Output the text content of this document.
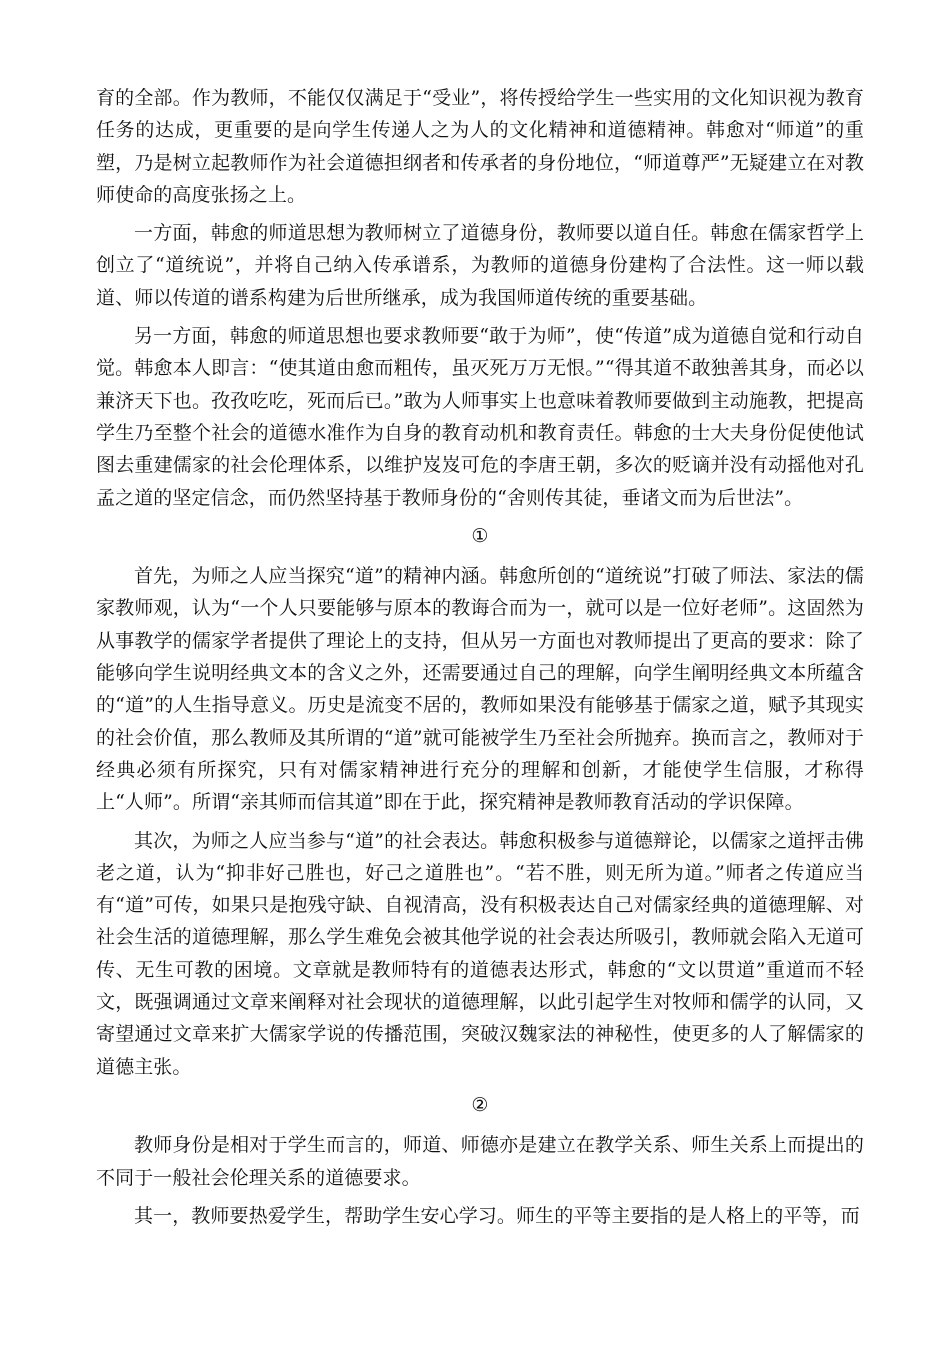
育的全部。作为教师，不能仅仅满足于“受业”，将传授给学生一些实用的文化知识视为教育任务的达成，更重要的是向学生传递人之为人的文化精神和道德精神。韩愈对“师道”的重塑，乃是树立起教师作为社会道德担纲者和传承者的身份地位，“师道尊严”无疑建立在对教师使命的高度张扬之上。

一方面，韩愈的师道思想为教师树立了道德身份，教师要以道自任。韩愈在儒家哲学上创立了“道统说”，并将自己纳入传承谱系，为教师的道德身份建构了合法性。这一师以载道、师以传道的谱系构建为后世所继承，成为我国师道传统的重要基础。

另一方面，韩愈的师道思想也要求教师要“敢于为师”，使“传道”成为道德自觉和行动自觉。韩愈本人即言：“使其道由愈而粗传，虽灭死万万无恨。”“得其道不敢独善其身，而必以兼济天下也。孜孜吃吃，死而后已。”敢为人师事实上也意味着教师要做到主动施教，把提高学生乃至整个社会的道德水准作为自身的教育动机和教育责任。韩愈的士大夫身份促使他试图去重建儒家的社会伦理体系，以维护岌岌可危的李唐王朝，多次的贬谪并没有动摇他对孔孟之道的坚定信念，而仍然坚持基于教师身份的“舍则传其徒，垂诸文而为后世法”。

①

首先，为师之人应当探究“道”的精神内涵。韩愈所创的“道统说”打破了师法、家法的儒家教师观，认为“一个人只要能够与原本的教诲合而为一，就可以是一位好老师”。这固然为从事教学的儒家学者提供了理论上的支持，但从另一方面也对教师提出了更高的要求：除了能够向学生说明经典文本的含义之外，还需要通过自己的理解，向学生阐明经典文本所蕴含的“道”的人生指导意义。历史是流变不居的，教师如果没有能够基于儒家之道，赋予其现实的社会价值，那么教师及其所谓的“道”就可能被学生乃至社会所抛弃。换而言之，教师对于经典必须有所探究，只有对儒家精神进行充分的理解和创新，才能使学生信服，才称得上“人师”。所谓“亲其师而信其道”即在于此，探究精神是教师教育活动的学识保障。

其次，为师之人应当参与“道”的社会表达。韩愈积极参与道德辩论，以儒家之道抨击佛老之道，认为“抑非好己胜也，好己之道胜也”。“若不胜，则无所为道。”师者之传道应当有“道”可传，如果只是抱残守缺、自视清高，没有积极表达自己对儒家经典的道德理解、对社会生活的道德理解，那么学生难免会被其他学说的社会表达所吸引，教师就会陷入无道可传、无生可教的困境。文章就是教师特有的道德表达形式，韩愈的“文以贯道”重道而不轻文，既强调通过文章来阐释对社会现状的道德理解，以此引起学生对牧师和儒学的认同，又寄望通过文章来扩大儒家学说的传播范围，突破汉魏家法的神秘性，使更多的人了解儒家的道德主张。

②

教师身份是相对于学生而言的，师道、师德亦是建立在教学关系、师生关系上而提出的不同于一般社会伦理关系的道德要求。

其一，教师要热爱学生，帮助学生安心学习。师生的平等主要指的是人格上的平等，而
